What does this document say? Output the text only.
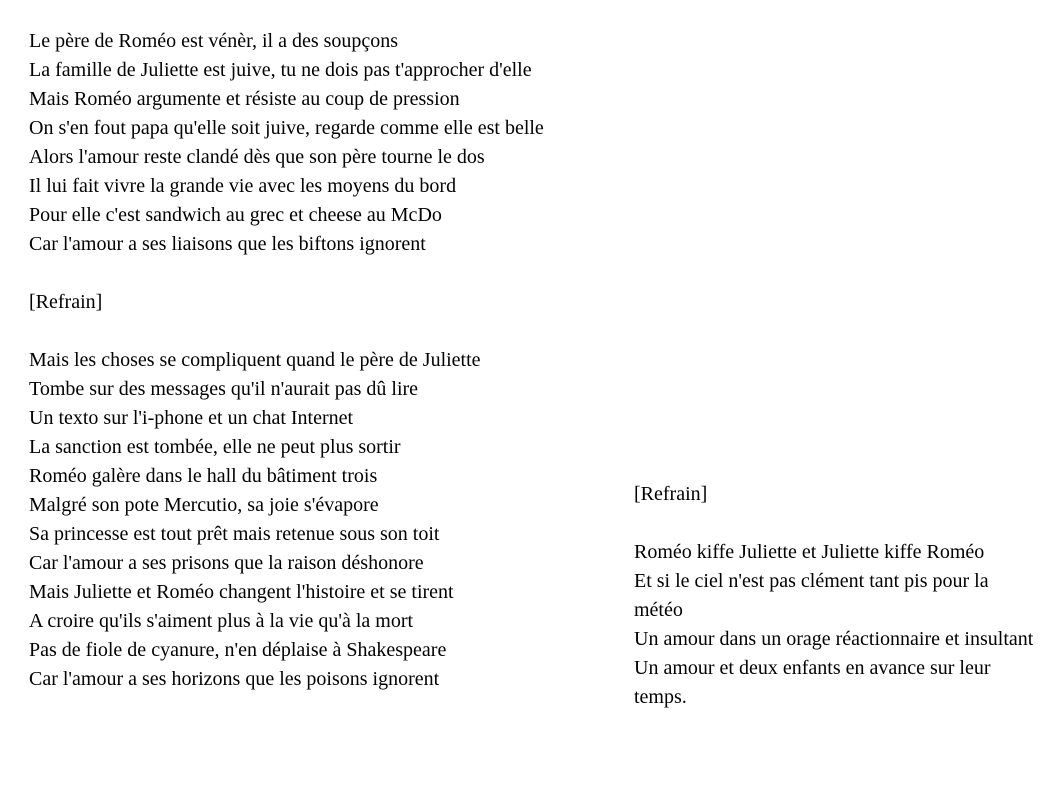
Le père de Roméo est vénèr, il a des soupçons
La famille de Juliette est juive, tu ne dois pas t'approcher d'elle
Mais Roméo argumente et résiste au coup de pression
On s'en fout papa qu'elle soit juive, regarde comme elle est belle
Alors l'amour reste clandé dès que son père tourne le dos
Il lui fait vivre la grande vie avec les moyens du bord
Pour elle c'est sandwich au grec et cheese au McDo
Car l'amour a ses liaisons que les biftons ignorent
[Refrain]
Mais les choses se compliquent quand le père de Juliette
Tombe sur des messages qu'il n'aurait pas dû lire
Un texto sur l'i-phone et un chat Internet
La sanction est tombée, elle ne peut plus sortir
Roméo galère dans le hall du bâtiment trois
Malgré son pote Mercutio, sa joie s'évapore
Sa princesse est tout prêt mais retenue sous son toit
Car l'amour a ses prisons que la raison déshonore
Mais Juliette et Roméo changent l'histoire et se tirent
A croire qu'ils s'aiment plus à la vie qu'à la mort
Pas de fiole de cyanure, n'en déplaise à Shakespeare
Car l'amour a ses horizons que les poisons ignorent
[Refrain]
Roméo kiffe Juliette et Juliette kiffe Roméo
Et si le ciel n'est pas clément tant pis pour la météo
Un amour dans un orage réactionnaire et insultant
Un amour et deux enfants en avance sur leur temps.
